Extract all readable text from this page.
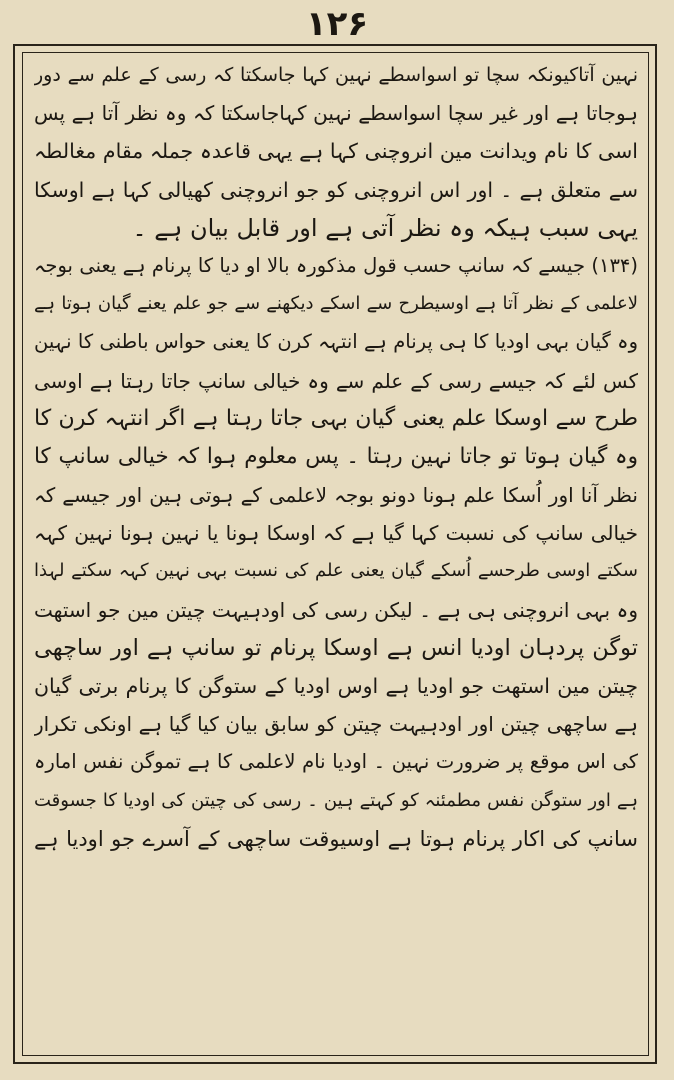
۱۲۶
نہین آتاکیونکہ سچا تو اسواسطے نہین کہا جاسکتا کہ رسی کے علم سے دور
ہوجاتا ہے اور غیر سچا اسواسطے نہین کہاجاسکتا کہ وہ نظر آتا ہے پس
اسی کا نام ویدانت مین انروچنی کہا ہے یہی قاعدہ جملہ مقام مغالطہ
سے متعلق ہے ۔ اور اس انروچنی کو جو انروچنی کھیالی کہا ہے اوسکا
یہی سبب ہیکہ وہ نظر آتی ہے اور قابل بیان ہے ۔
(۱۳۴) جیسے کہ سانپ حسب قول مذکورہ بالا او دیا کا پرنام ہے یعنی بوجہ
لاعلمی کے نظر آتا ہے اوسیطرح سے اسکے دیکھنے سے جو علم یعنے گیان ہوتا ہے
وہ گیان بہی اودیا کا ہی پرنام ہے انتہہ کرن کا یعنی حواس باطنی کا نہین
کس لئے کہ جیسے رسی کے علم سے وہ خیالی سانپ جاتا رہتا ہے اوسی
طرح سے اوسکا علم یعنی گیان بہی جاتا رہتا ہے اگر انتہہ کرن کا
وہ گیان ہوتا تو جاتا نہین رہتا ۔ پس معلوم ہوا کہ خیالی سانپ کا
نظر آنا اور اُسکا علم ہونا دونو بوجہ لاعلمی کے ہوتی ہین اور جیسے کہ
خیالی سانپ کی نسبت کہا گیا ہے کہ اوسکا ہونا یا نہین ہونا نہین کہہ
سکتے اوسی طرحسے اُسکے گیان یعنی علم کی نسبت بہی نہین کہہ سکتے لہذا
وہ بہی انروچنی ہی ہے ۔ لیکن رسی کی اودہیہت چیتن مین جو استھت
توگن پردہان اودیا انس ہے اوسکا پرنام تو سانپ ہے اور ساچھی
چیتن مین استھت جو اودیا ہے اوس اودیا کے ستوگن کا پرنام برتی گیان
ہے ساچھی چیتن اور اودہیہت چیتن کو سابق بیان کیا گیا ہے اونکی تکرار
کی اس موقع پر ضرورت نہین ۔ اودیا نام لاعلمی کا ہے تموگن نفس امارہ
ہے اور ستوگن نفس مطمئنہ کو کہتے ہین ۔ رسی کی چیتن کی اودیا کا جسوقت
سانپ کی اکار پرنام ہوتا ہے اوسیوقت ساچھی کے آسرے جو اودیا ہے
